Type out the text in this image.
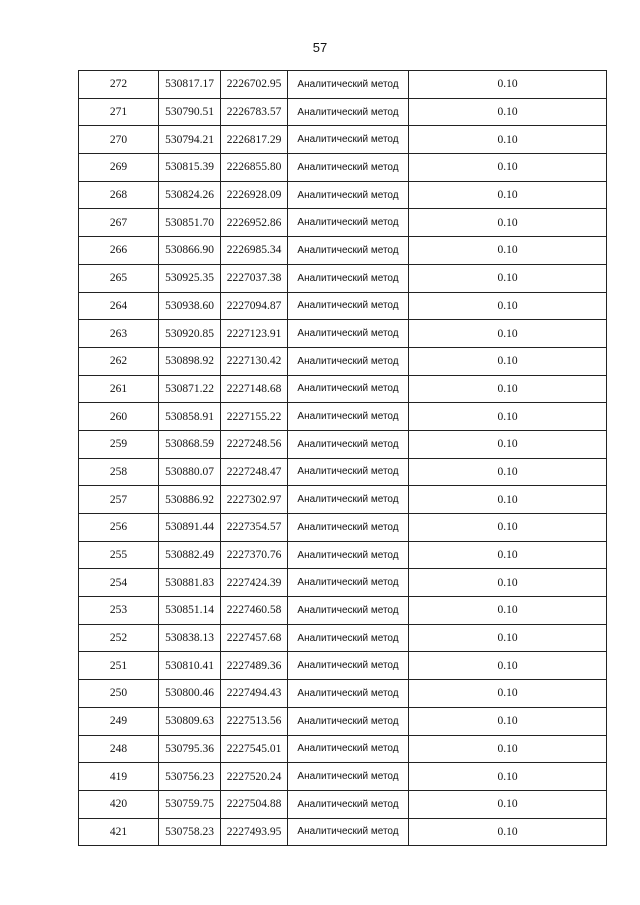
57
272	530817.17	2226702.95	Аналитический метод	0.10
271	530790.51	2226783.57	Аналитический метод	0.10
270	530794.21	2226817.29	Аналитический метод	0.10
269	530815.39	2226855.80	Аналитический метод	0.10
268	530824.26	2226928.09	Аналитический метод	0.10
267	530851.70	2226952.86	Аналитический метод	0.10
266	530866.90	2226985.34	Аналитический метод	0.10
265	530925.35	2227037.38	Аналитический метод	0.10
264	530938.60	2227094.87	Аналитический метод	0.10
263	530920.85	2227123.91	Аналитический метод	0.10
262	530898.92	2227130.42	Аналитический метод	0.10
261	530871.22	2227148.68	Аналитический метод	0.10
260	530858.91	2227155.22	Аналитический метод	0.10
259	530868.59	2227248.56	Аналитический метод	0.10
258	530880.07	2227248.47	Аналитический метод	0.10
257	530886.92	2227302.97	Аналитический метод	0.10
256	530891.44	2227354.57	Аналитический метод	0.10
255	530882.49	2227370.76	Аналитический метод	0.10
254	530881.83	2227424.39	Аналитический метод	0.10
253	530851.14	2227460.58	Аналитический метод	0.10
252	530838.13	2227457.68	Аналитический метод	0.10
251	530810.41	2227489.36	Аналитический метод	0.10
250	530800.46	2227494.43	Аналитический метод	0.10
249	530809.63	2227513.56	Аналитический метод	0.10
248	530795.36	2227545.01	Аналитический метод	0.10
419	530756.23	2227520.24	Аналитический метод	0.10
420	530759.75	2227504.88	Аналитический метод	0.10
421	530758.23	2227493.95	Аналитический метод	0.10
